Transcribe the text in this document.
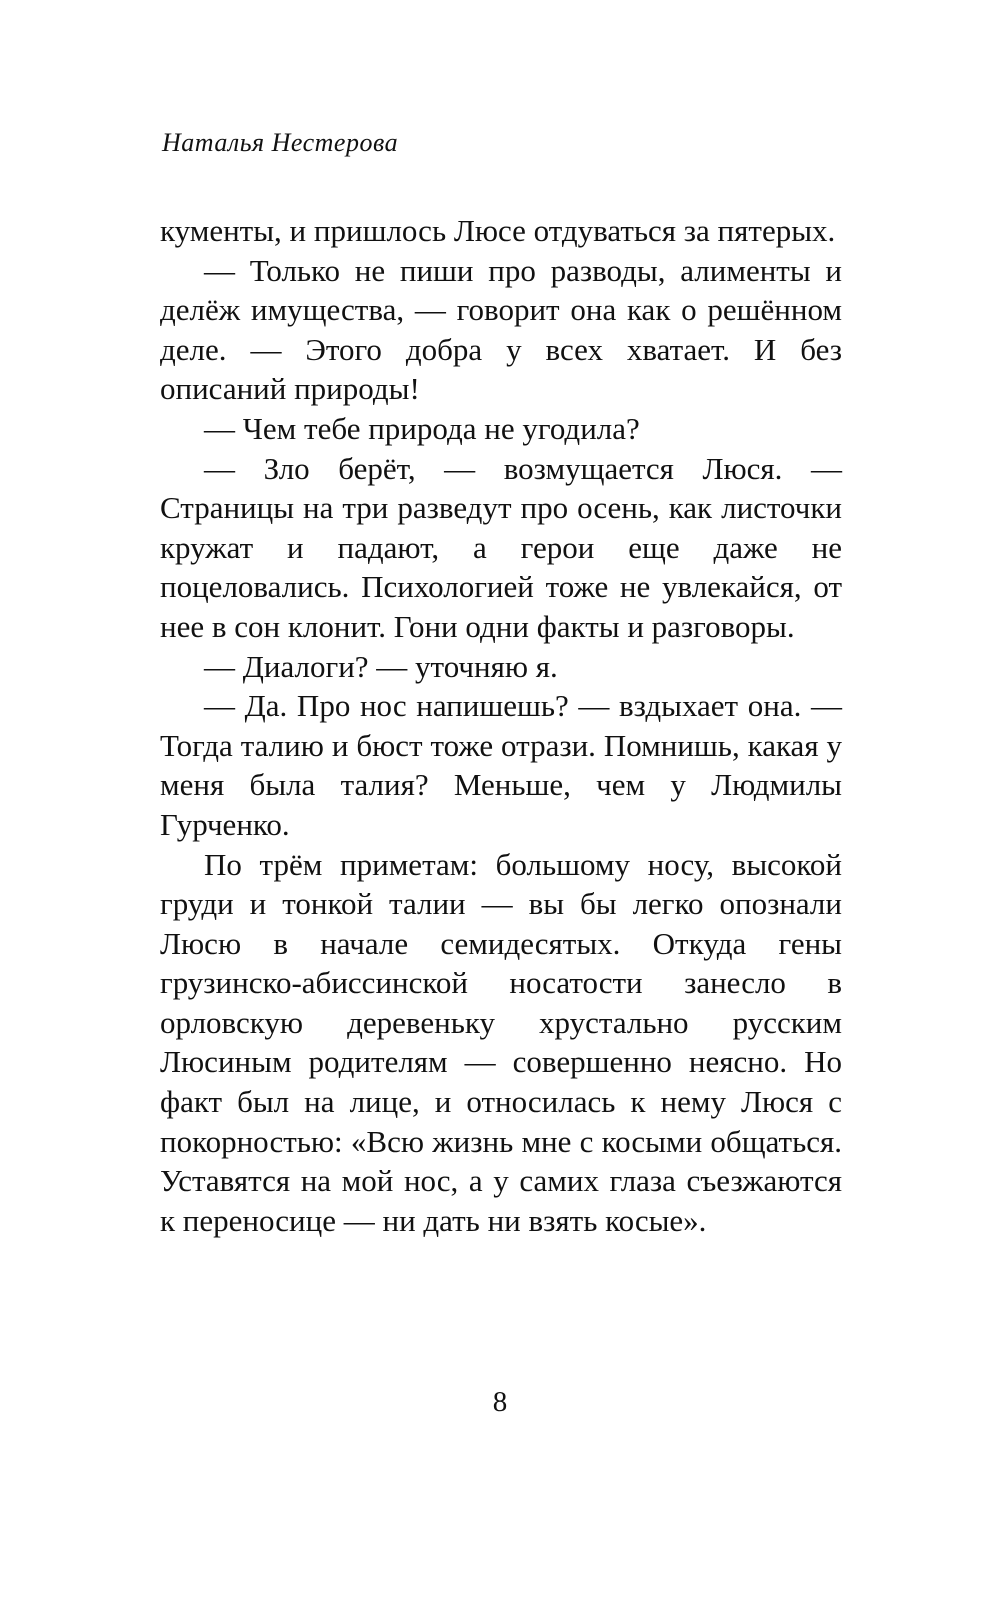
Наталья Нестерова

кументы, и пришлось Люсе отдуваться за пятерых.

— Только не пиши про разводы, алименты и делёж имущества, — говорит она как о решённом деле. — Этого добра у всех хватает. И без описаний природы!

— Чем тебе природа не угодила?

— Зло берёт, — возмущается Люся. — Страницы на три разведут про осень, как листочки кружат и падают, а герои еще даже не поцеловались. Психологией тоже не увлекайся, от нее в сон клонит. Гони одни факты и разговоры.

— Диалоги? — уточняю я.

— Да. Про нос напишешь? — вздыхает она. — Тогда талию и бюст тоже отрази. Помнишь, какая у меня была талия? Меньше, чем у Людмилы Гурченко.

По трём приметам: большому носу, высокой груди и тонкой талии — вы бы легко опознали Люсю в начале семидесятых. Откуда гены грузинско-абиссинской носатости занесло в орловскую деревеньку хрустально русским Люсиным родителям — совершенно неясно. Но факт был на лице, и относилась к нему Люся с покорностью: «Всю жизнь мне с косыми общаться. Уставятся на мой нос, а у самих глаза съезжаются к переносице — ни дать ни взять косые».

8
